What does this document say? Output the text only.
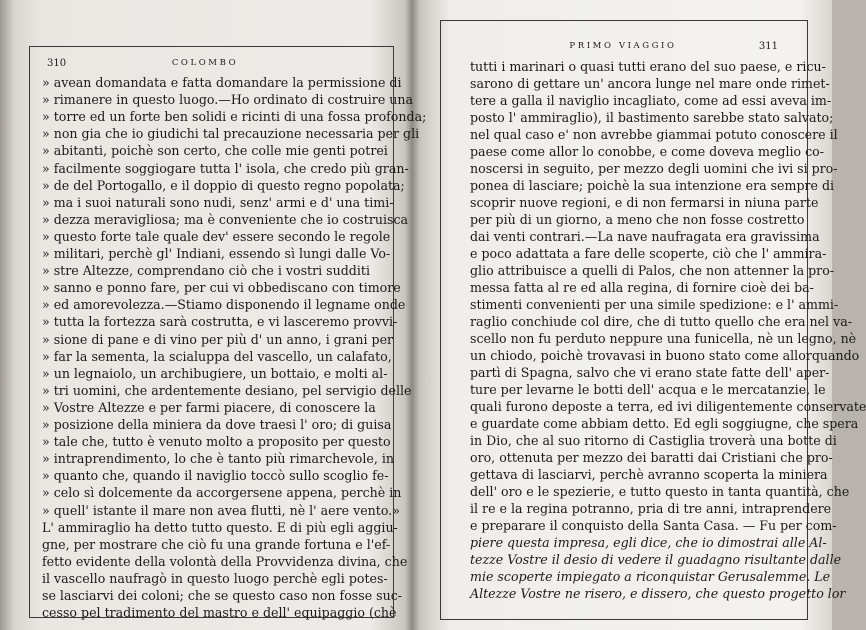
310	COLOMBO
» avean domandata e fatta domandare la permissione di
» rimanere in questo luogo.—Ho ordinato di costruire una
» torre ed un forte ben solidi e ricinti di una fossa profonda;
» non gia che io giudichi tal precauzione necessaria per gli
» abitanti, poichè son certo, che colle mie genti potrei
» facilmente soggiogare tutta l' isola, che credo più gran-
» de del Portogallo, e il doppio di questo regno popolata;
» ma i suoi naturali sono nudi, senz' armi e d' una timi-
» dezza meravigliosa; ma è conveniente che io costruisca
» questo forte tale quale dev' essere secondo le regole
» militari, perchè gl' Indiani, essendo sì lungi dalle Vo-
» stre Altezze, comprendano ciò che i vostri sudditi
» sanno e ponno fare, per cui vi obbediscano con timore
» ed amorevolezza.—Stiamo disponendo il legname onde
» tutta la fortezza sarà costrutta, e vi lasceremo provvi-
» sione di pane e di vino per più d' un anno, i grani per
» far la sementa, la scialuppa del vascello, un calafato,
» un legnaiolo, un archibugiere, un bottaio, e molti al-
» tri uomini, che ardentemente desiano, pel servigio delle
» Vostre Altezze e per farmi piacere, di conoscere la
» posizione della miniera da dove traesi l' oro; di guisa
» tale che, tutto è venuto molto a proposito per questo
» intraprendimento, lo che è tanto più rimarchevole, in
» quanto che, quando il naviglio toccò sullo scoglio fe-
» celo sì dolcemente da accorgersene appena, perchè in
» quell' istante il mare non avea flutti, nè l' aere vento.»
L' ammiraglio ha detto tutto questo. E di più egli aggiu-
gne, per mostrare che ciò fu una grande fortuna e l'ef-
fetto evidente della volontà della Provvidenza divina, che
il vascello naufragò in questo luogo perchè egli potes-
se lasciarvi dei coloni; che se questo caso non fosse suc-
cesso pel tradimento del mastro e dell' equipaggio (chè
PRIMO VIAGGIO	311
tutti i marinari o quasi tutti erano del suo paese, e ricu-
sarono di gettare un' ancora lunge nel mare onde rimet-
tere a galla il naviglio incagliato, come ad essi aveva im-
posto l' ammiraglio), il bastimento sarebbe stato salvato;
nel qual caso e' non avrebbe giammai potuto conoscere il
paese come allor lo conobbe, e come doveva meglio co-
noscersi in seguito, per mezzo degli uomini che ivi si pro-
poneа di lasciare; poichè la sua intenzione era sempre di
scoprir nuove regioni, e di non fermarsi in niuna parte
per più di un giorno, a meno che non fosse costretto
dai venti contrari.—La nave naufragata era gravissima
e poco adattata a fare delle scoperte, ciò che l' ammira-
glio attribuisce a quelli di Palos, che non attenner la pro-
messa fatta al re ed alla regina, di fornire cioè dei ba-
stimenti convenienti per una simile spedizione: e l' ammi-
raglio conchiude col dire, che di tutto quello che era nel va-
scello non fu perduto neppure una funicella, nè un legno, nè
un chiodo, poichè trovavasi in buono stato come allorquando
partì di Spagna, salvo che vi erano state fatte dell' aper-
ture per levarne le botti dell' acqua e le mercatanzie, le
quali furono deposte a terra, ed ivi diligentemente conservate
e guardate come abbiam detto. Ed egli soggiugne, che spera
in Dio, che al suo ritorno di Castiglia troverà una botte di
oro, ottenuta per mezzo dei baratti dai Cristiani che pro-
gettava di lasciarvi, perchè avranno scoperta la miniera
dell' oro e le spezierie, e tutto questo in tanta quantità, che
il re e la regina potranno, pria di tre anni, intraprendere
e preparare il conquisto della Santa Casa. — Fu per com-
piere questa impresa, egli dice, che io dimostrai alle Al-
tezze Vostre il desio di vedere il guadagno risultante dalle
mie scoperte impiegato a riconquistar Gerusalemme. Le
Altezze Vostre ne risero, e dissero, che questo progetto lor
